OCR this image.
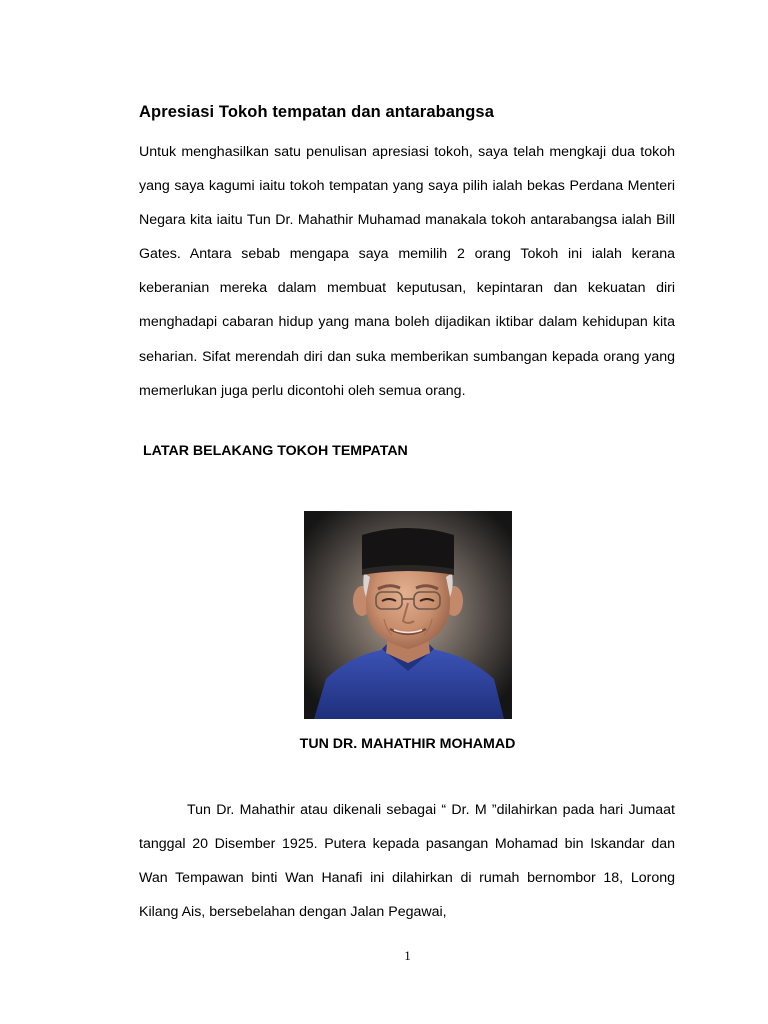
Apresiasi Tokoh tempatan dan antarabangsa

Untuk menghasilkan satu penulisan apresiasi tokoh, saya telah mengkaji dua tokoh yang saya kagumi iaitu tokoh tempatan yang saya pilih ialah bekas Perdana Menteri Negara kita iaitu Tun Dr. Mahathir Muhamad manakala tokoh antarabangsa ialah Bill Gates. Antara sebab mengapa saya memilih 2 orang Tokoh ini ialah kerana keberanian mereka dalam membuat keputusan, kepintaran dan kekuatan diri menghadapi cabaran hidup yang mana boleh dijadikan iktibar dalam kehidupan kita seharian. Sifat merendah diri dan suka memberikan sumbangan kepada orang yang memerlukan juga perlu dicontohi oleh semua orang.

LATAR BELAKANG TOKOH TEMPATAN
TUN DR. MAHATHIR MOHAMAD

Tun Dr. Mahathir atau dikenali sebagai “ Dr. M ”dilahirkan pada hari Jumaat tanggal 20 Disember 1925. Putera kepada pasangan Mohamad bin Iskandar dan Wan Tempawan binti Wan Hanafi ini dilahirkan di rumah bernombor 18, Lorong Kilang Ais, bersebelahan dengan Jalan Pegawai,

1
